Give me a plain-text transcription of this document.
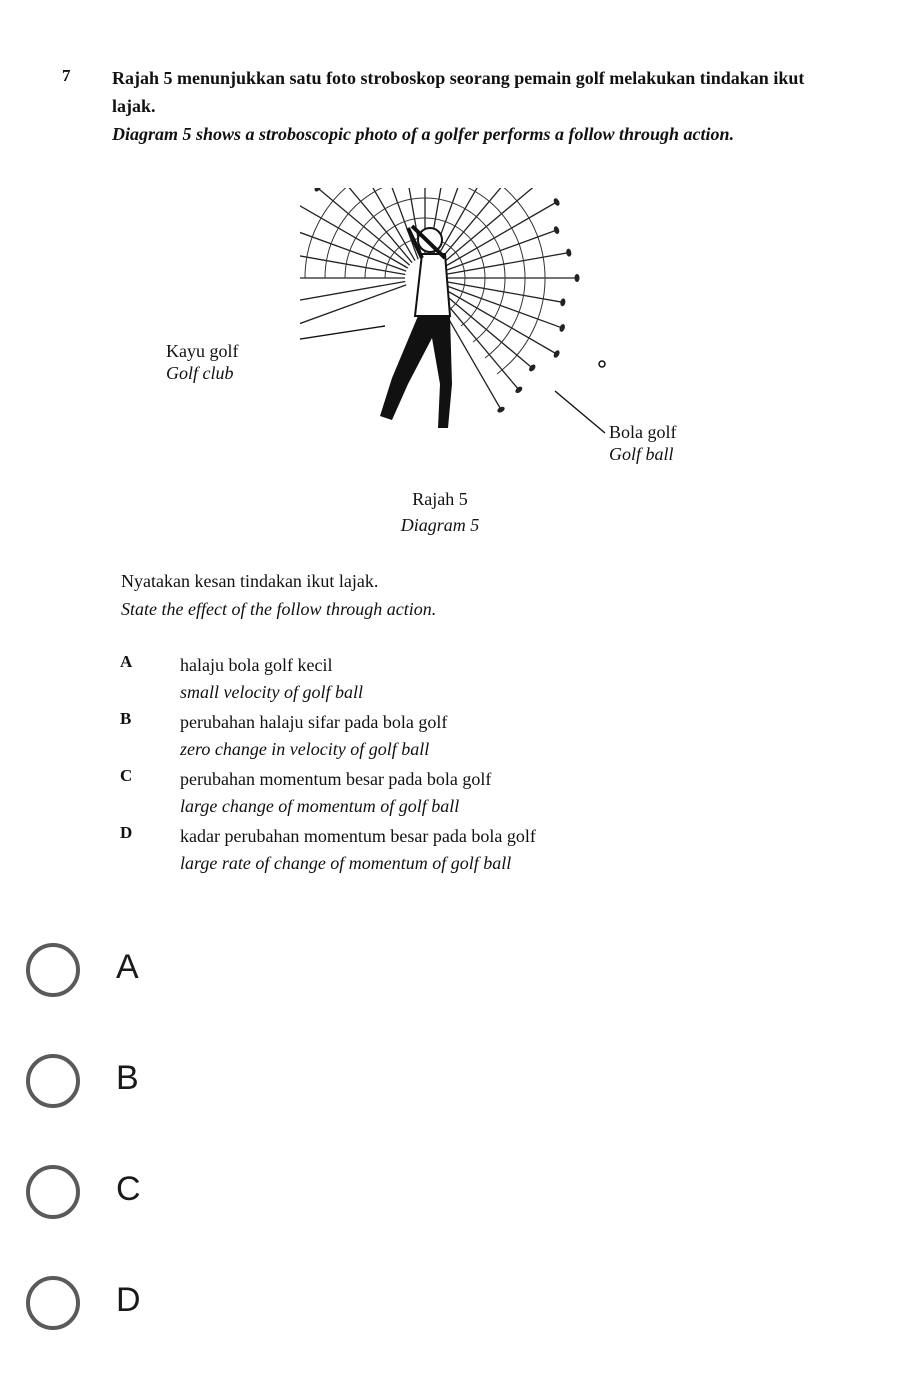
7 Rajah 5 menunjukkan satu foto stroboskop seorang pemain golf melakukan tindakan ikut
lajak.
Diagram 5 shows a stroboscopic photo of a golfer performs a follow through action.
Kayu golf
Golf club
Bola golf
Golf ball
Rajah 5
Diagram 5
Nyatakan kesan tindakan ikut lajak.
State the effect of the follow through action.
A	halaju bola golf kecil
small velocity of golf ball
B	perubahan halaju sifar pada bola golf
zero change in velocity of golf ball
C	perubahan momentum besar pada bola golf
large change of momentum of golf ball
D	kadar perubahan momentum besar pada bola golf
large rate of change of momentum of golf ball
A
B
C
D
